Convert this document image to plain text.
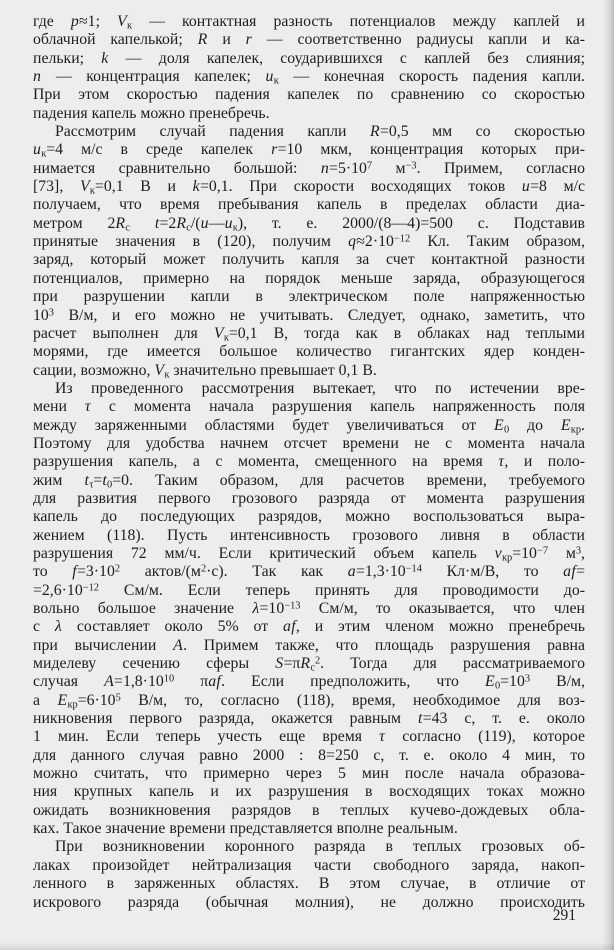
где p≈1; $V_к$ — контактная разность потенциалов между каплей и
облачной капелькой; R и r — соответственно радиусы капли и ка-
пельки; k — доля капелек, соударившихся с каплей без слияния;
n — концентрация капелек; $u_к$ — конечная скорость падения капли.
При этом скоростью падения капелек по сравнению со скоростью
падения капель можно пренебречь.
Рассмотрим случай падения капли R=0,5 мм со скоростью
$u_к=4$ м/с в среде капелек r=10 мкм, концентрация которых при-
нимается сравнительно большой: $n=5\cdot 10^7$ $м^{-3}$. Примем, согласно
[73], $V_к=0,1$ В и k=0,1. При скорости восходящих токов u=8 м/с
получаем, что время пребывания капель в пределах области диа-
метром $2R_c$ $t=2R_c/(u—u_к)$, т. е. 2000/(8—4)=500 с. Подставив
принятые значения в (120), получим $q\approx 2\cdot 10^{-12}$ Кл. Таким образом,
заряд, который может получить капля за счет контактной разности
потенциалов, примерно на порядок меньше заряда, образующегося
при разрушении капли в электрическом поле напряженностью
$10^3$ В/м, и его можно не учитывать. Следует, однако, заметить, что
расчет выполнен для $V_к=0,1$ В, тогда как в облаках над теплыми
морями, где имеется большое количество гигантских ядер конден-
сации, возможно, $V_к$ значительно превышает 0,1 В.
Из проведенного рассмотрения вытекает, что по истечении вре-
мени τ с момента начала разрушения капель напряженность поля
между заряженными областями будет увеличиваться от $E_0$ до $E_{кр}$.
Поэтому для удобства начнем отсчет времени не с момента начала
разрушения капель, а с момента, смещенного на время τ, и поло-
жим $t_\tau=t_0=0$. Таким образом, для расчетов времени, требуемого
для развития первого грозового разряда от момента разрушения
капель до последующих разрядов, можно воспользоваться выра-
жением (118). Пусть интенсивность грозового ливня в области
разрушения 72 мм/ч. Если критический объем капель $v_{кр}=10^{-7}$ $м^3$,
то $f=3\cdot 10^2$ актов/$(м^2\cdot с)$. Так как $a=1,3\cdot 10^{-14}$ Кл·м/В, то af=
$=2,6\cdot 10^{-12}$ См/м. Если теперь принять для проводимости до-
вольно большое значение $\lambda=10^{-13}$ См/м, то оказывается, что член
с λ составляет около 5% от af, и этим членом можно пренебречь
при вычислении A. Примем также, что площадь разрушения равна
миделеву сечению сферы $S=\pi R_c^2$. Тогда для рассматриваемого
случая $A=1,8\cdot 10^{10}$ πaf. Если предположить, что $E_0=10^3$ В/м,
а $E_{кр}=6\cdot 10^5$ В/м, то, согласно (118), время, необходимое для воз-
никновения первого разряда, окажется равным t=43 с, т. е. около
1 мин. Если теперь учесть еще время τ согласно (119), которое
для данного случая равно 2000 : 8=250 с, т. е. около 4 мин, то
можно считать, что примерно через 5 мин после начала образова-
ния крупных капель и их разрушения в восходящих токах можно
ожидать возникновения разрядов в теплых кучево-дождевых обла-
ках. Такое значение времени представляется вполне реальным.
При возникновении коронного разряда в теплых грозовых об-
лаках произойдет нейтрализация части свободного заряда, накоп-
ленного в заряженных областях. В этом случае, в отличие от
искрового разряда (обычная молния), не должно происходить
291
